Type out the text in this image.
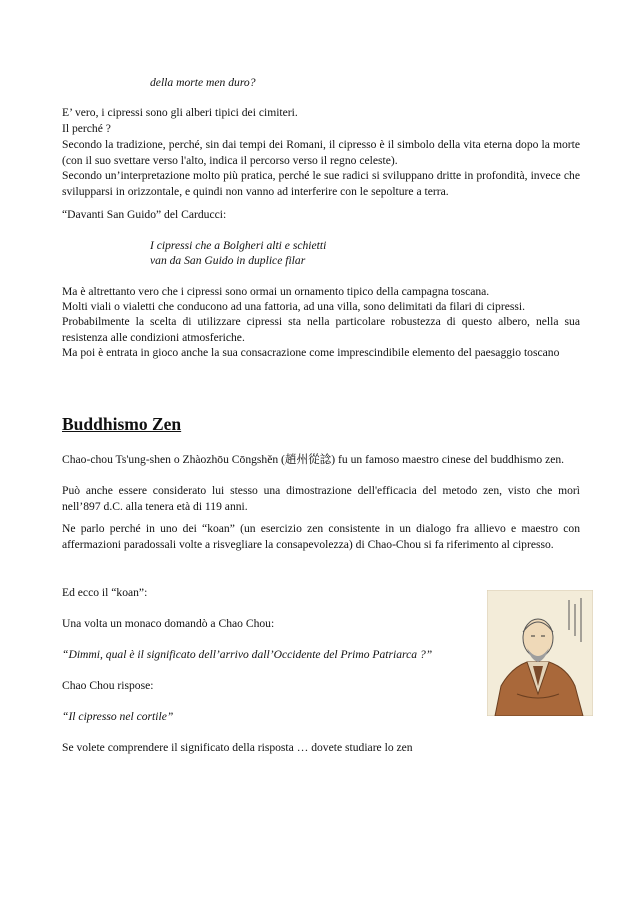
della morte men duro?

E’ vero, i cipressi sono gli alberi tipici dei cimiteri.

Il perché ?

Secondo la tradizione, perché, sin dai tempi dei Romani, il cipresso è il simbolo della vita eterna dopo la morte (con il suo svettare verso l'alto, indica il percorso verso il regno celeste).

Secondo un’interpretazione molto più pratica, perché le sue radici si sviluppano dritte in profondità, invece che svilupparsi in orizzontale, e quindi non vanno ad interferire con le sepolture a terra.

“Davanti San Guido” del Carducci:

I cipressi che a Bolgheri alti e schietti

van da San Guido in duplice filar

Ma è altrettanto vero che i cipressi sono ormai un ornamento tipico della campagna toscana.

Molti viali o vialetti che conducono ad una fattoria, ad una villa, sono delimitati da filari di cipressi.

Probabilmente la scelta di utilizzare cipressi sta nella particolare robustezza di questo albero, nella sua resistenza alle condizioni atmosferiche.

Ma poi è entrata in gioco anche la sua consacrazione come imprescindibile elemento del paesaggio toscano

Buddhismo Zen

Chao-chou Ts'ung-shen o Zhàozhōu Cōngshěn (趙州從諗) fu un famoso maestro cinese del buddhismo zen.

Può anche essere considerato lui stesso una dimostrazione dell'efficacia del metodo zen, visto che morì nell’897 d.C. alla tenera età di 119 anni.

Ne parlo perché in uno dei “koan” (un esercizio zen consistente in un dialogo fra allievo e maestro con affermazioni paradossali volte a risvegliare la consapevolezza) di Chao-Chou si fa riferimento al cipresso.

Ed ecco il “koan”:

Una volta un monaco domandò a Chao Chou:

“Dimmi, qual è il significato dell’arrivo dall’Occidente del Primo Patriarca ?”

Chao Chou rispose:

“Il cipresso nel cortile”

Se volete comprendere il significato della risposta … dovete studiare lo zen
